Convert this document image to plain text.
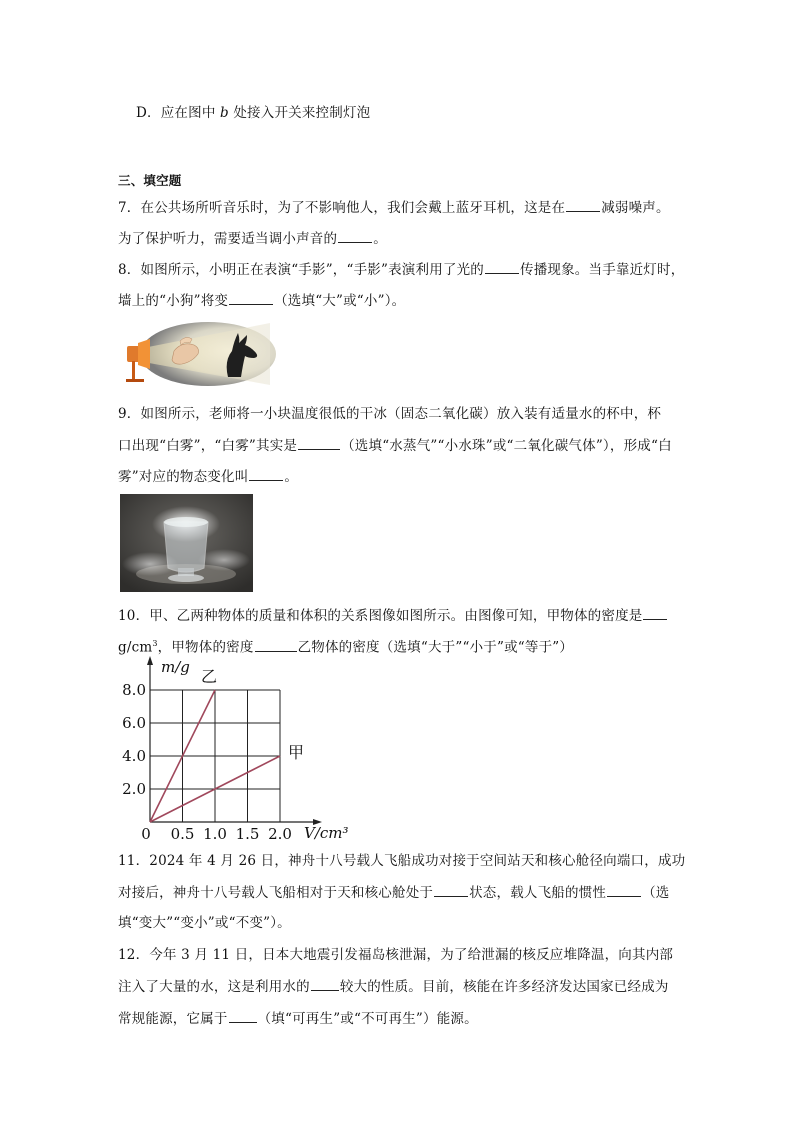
D．应在图中 b 处接入开关来控制灯泡
三、填空题
7．在公共场所听音乐时，为了不影响他人，我们会戴上蓝牙耳机，这是在	减弱噪声。
为了保护听力，需要适当调小声音的	。
8．如图所示，小明正在表演“手影”，“手影”表演利用了光的	传播现象。当手靠近灯时，
墙上的“小狗”将变	（选填“大”或“小”）。
9．如图所示，老师将一小块温度很低的干冰（固态二氧化碳）放入装有适量水的杯中，杯
口出现“白雾”，“白雾”其实是	（选填“水蒸气”“小水珠”或“二氧化碳气体”），形成“白
雾”对应的物态变化叫	。
10．甲、乙两种物体的质量和体积的关系图像如图所示。由图像可知，甲物体的密度是
$g/cm^3$，甲物体的密度	乙物体的密度（选填“大于”“小于”或“等于”）
0 0.5 1.0 1.5 2.0
2.0
4.0
6.0
8.0
m/g
V/cm³
乙
甲
11．2024 年 4 月 26 日，神舟十八号载人飞船成功对接于空间站天和核心舱径向端口，成功
对接后，神舟十八号载人飞船相对于天和核心舱处于	状态，载人飞船的惯性	（选
填“变大”“变小”或“不变”）。
12．今年 3 月 11 日，日本大地震引发福岛核泄漏，为了给泄漏的核反应堆降温，向其内部
注入了大量的水，这是利用水的 较大的性质。目前，核能在许多经济发达国家已经成为
常规能源，它属于 （填“可再生”或“不可再生”）能源。
